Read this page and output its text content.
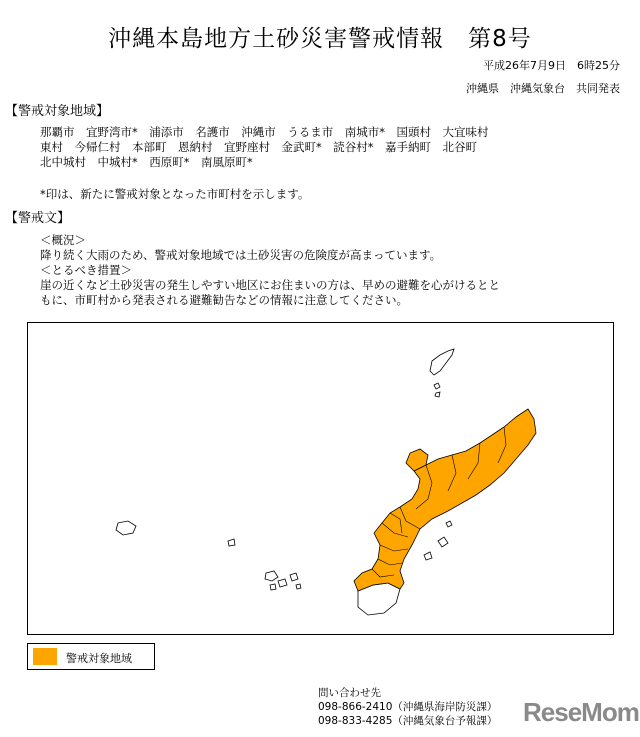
沖縄本島地方土砂災害警戒情報　第8号
平成26年7月9日　6時25分
沖縄県　沖縄気象台　共同発表
【警戒対象地域】
那覇市　宜野湾市*　浦添市　名護市　沖縄市　うるま市　南城市*　国頭村　大宜味村
東村　今帰仁村　本部町　恩納村　宜野座村　金武町*　読谷村*　嘉手納町　北谷町
北中城村　中城村*　西原町*　南風原町*
*印は、新たに警戒対象となった市町村を示します。
【警戒文】
＜概況＞
降り続く大雨のため、警戒対象地域では土砂災害の危険度が高まっています。
＜とるべき措置＞
崖の近くなど土砂災害の発生しやすい地区にお住まいの方は、早めの避難を心がけるとと
もに、市町村から発表される避難勧告などの情報に注意してください。
警戒対象地域
問い合わせ先
098-866-2410（沖縄県海岸防災課）
098-833-4285（沖縄気象台予報課） ReseMom
